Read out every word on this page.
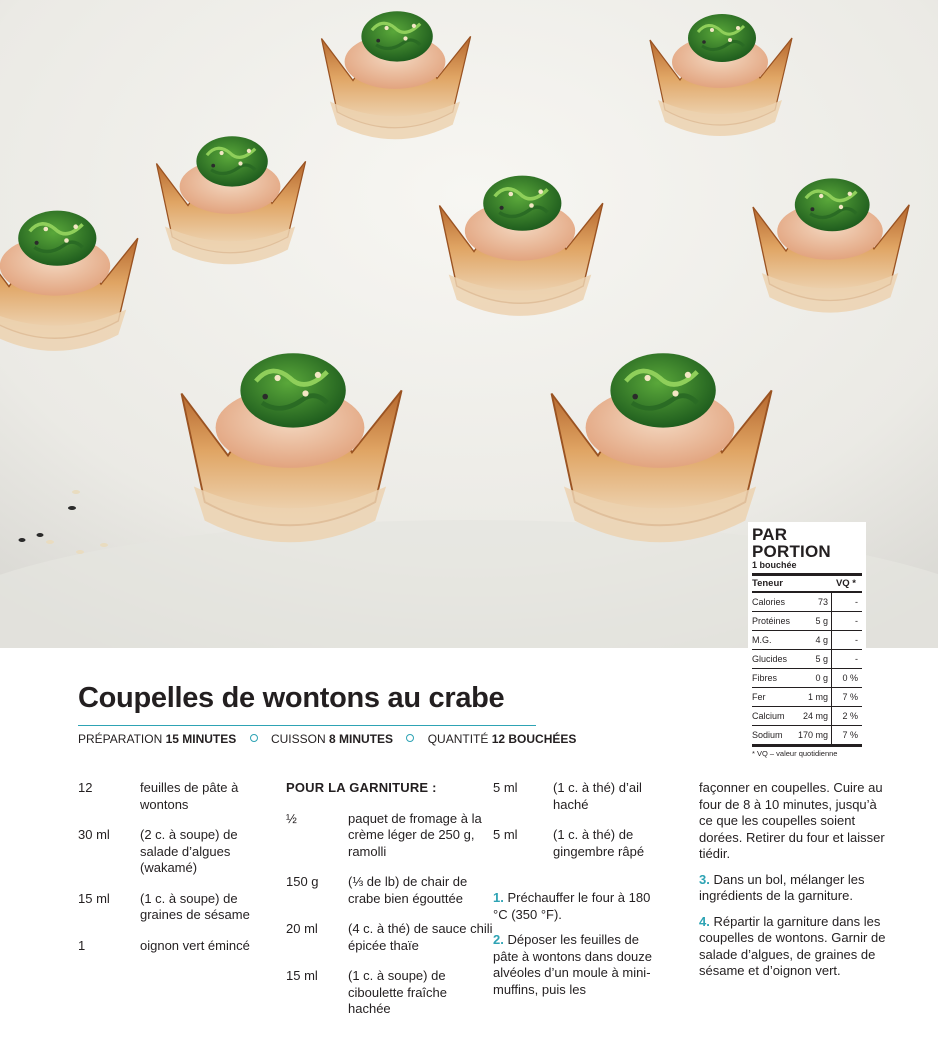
PAR PORTION
1 bouchée
Teneur		VQ *
Calories	73	-
Protéines	5 g	-
M.G.	4 g	-
Glucides	5 g	-
Fibres	0 g	0 %
Fer	1 mg	7 %
Calcium	24 mg	2 %
Sodium	170 mg	7 %
* VQ – valeur quotidienne
Coupelles de wontons au crabe
PRÉPARATION 15 MINUTES	CUISSON 8 MINUTES	QUANTITÉ 12 BOUCHÉES
12	feuilles de pâte à wontons
30 ml	(2 c. à soupe) de salade d’algues (wakamé)
15 ml	(1 c. à soupe) de graines de sésame
1	oignon vert émincé
POUR LA GARNITURE :
½	paquet de fromage à la crème léger de 250 g, ramolli
150 g	(⅓ de lb) de chair de crabe bien égouttée
20 ml	(4 c. à thé) de sauce chili épicée thaïe
15 ml	(1 c. à soupe) de ciboulette fraîche hachée
5 ml	(1 c. à thé) d’ail haché
5 ml	(1 c. à thé) de gingembre râpé
1. Préchauffer le four à 180 °C (350 °F).
2. Déposer les feuilles de pâte à wontons dans douze alvéoles d’un moule à mini-muffins, puis les
façonner en coupelles. Cuire au four de 8 à 10 minutes, jusqu’à ce que les coupelles soient dorées. Retirer du four et laisser tiédir.
3. Dans un bol, mélanger les ingrédients de la garniture.
4. Répartir la garniture dans les coupelles de wontons. Garnir de salade d’algues, de graines de sésame et d’oignon vert.
